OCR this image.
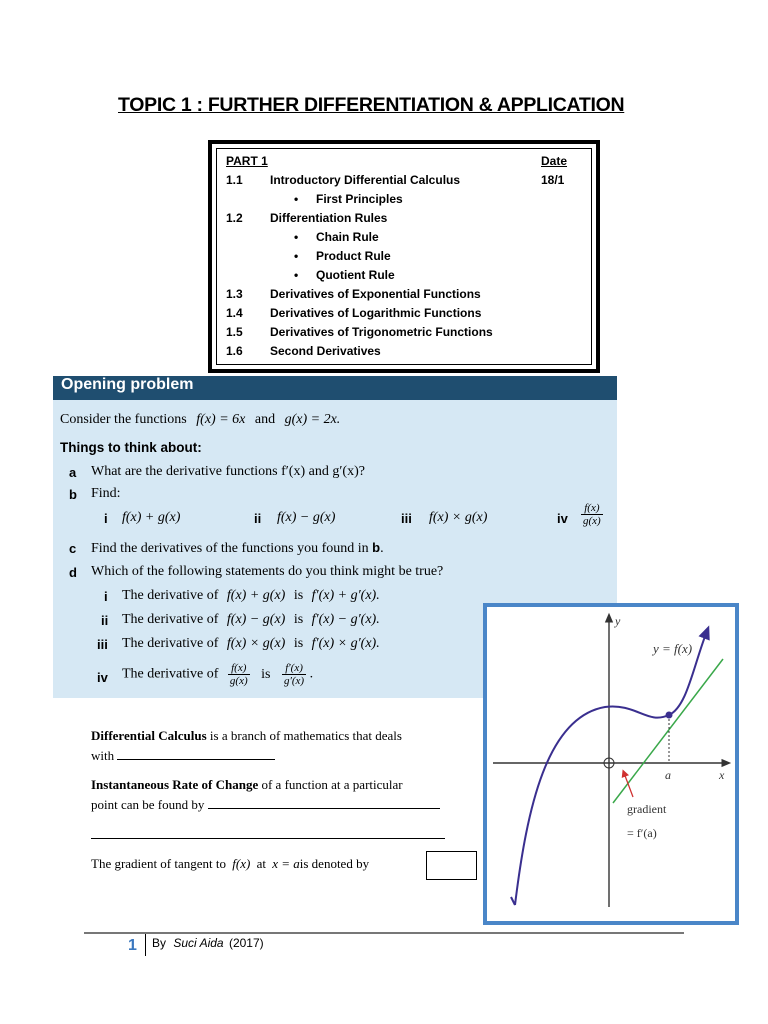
TOPIC 1 : FURTHER DIFFERENTIATION & APPLICATION
PART 1	Date
1.1 Introductory Differential Calculus	18/1
• First Principles
1.2 Differentiation Rules
• Chain Rule
• Product Rule
• Quotient Rule
1.3 Derivatives of Exponential Functions
1.4 Derivatives of Logarithmic Functions
1.5 Derivatives of Trigonometric Functions
1.6 Second Derivatives
Opening problem
Consider the functions f(x) = 6x and g(x) = 2x.
Things to think about:
a What are the derivative functions f′(x) and g′(x)?
b Find:
i f(x) + g(x)	ii f(x) − g(x)	iii f(x) × g(x)	iv $\frac{f(x)}{g(x)}$
c Find the derivatives of the functions you found in b.
d Which of the following statements do you think might be true?
i The derivative of f(x) + g(x) is f′(x) + g′(x).
ii The derivative of f(x) − g(x) is f′(x) − g′(x).
iii The derivative of f(x) × g(x) is f′(x) × g′(x).
iv The derivative of $\frac{f(x)}{g(x)}$ is $\frac{f'(x)}{g'(x)}$ .
Differential Calculus is a branch of mathematics that deals
with
Instantaneous Rate of Change of a function at a particular
point can be found by
The gradient of tangent to f(x) at x = ais denoted by
y
x
y = f(x)
a
gradient
= f′(a)
1 By Suci Aida (2017)
